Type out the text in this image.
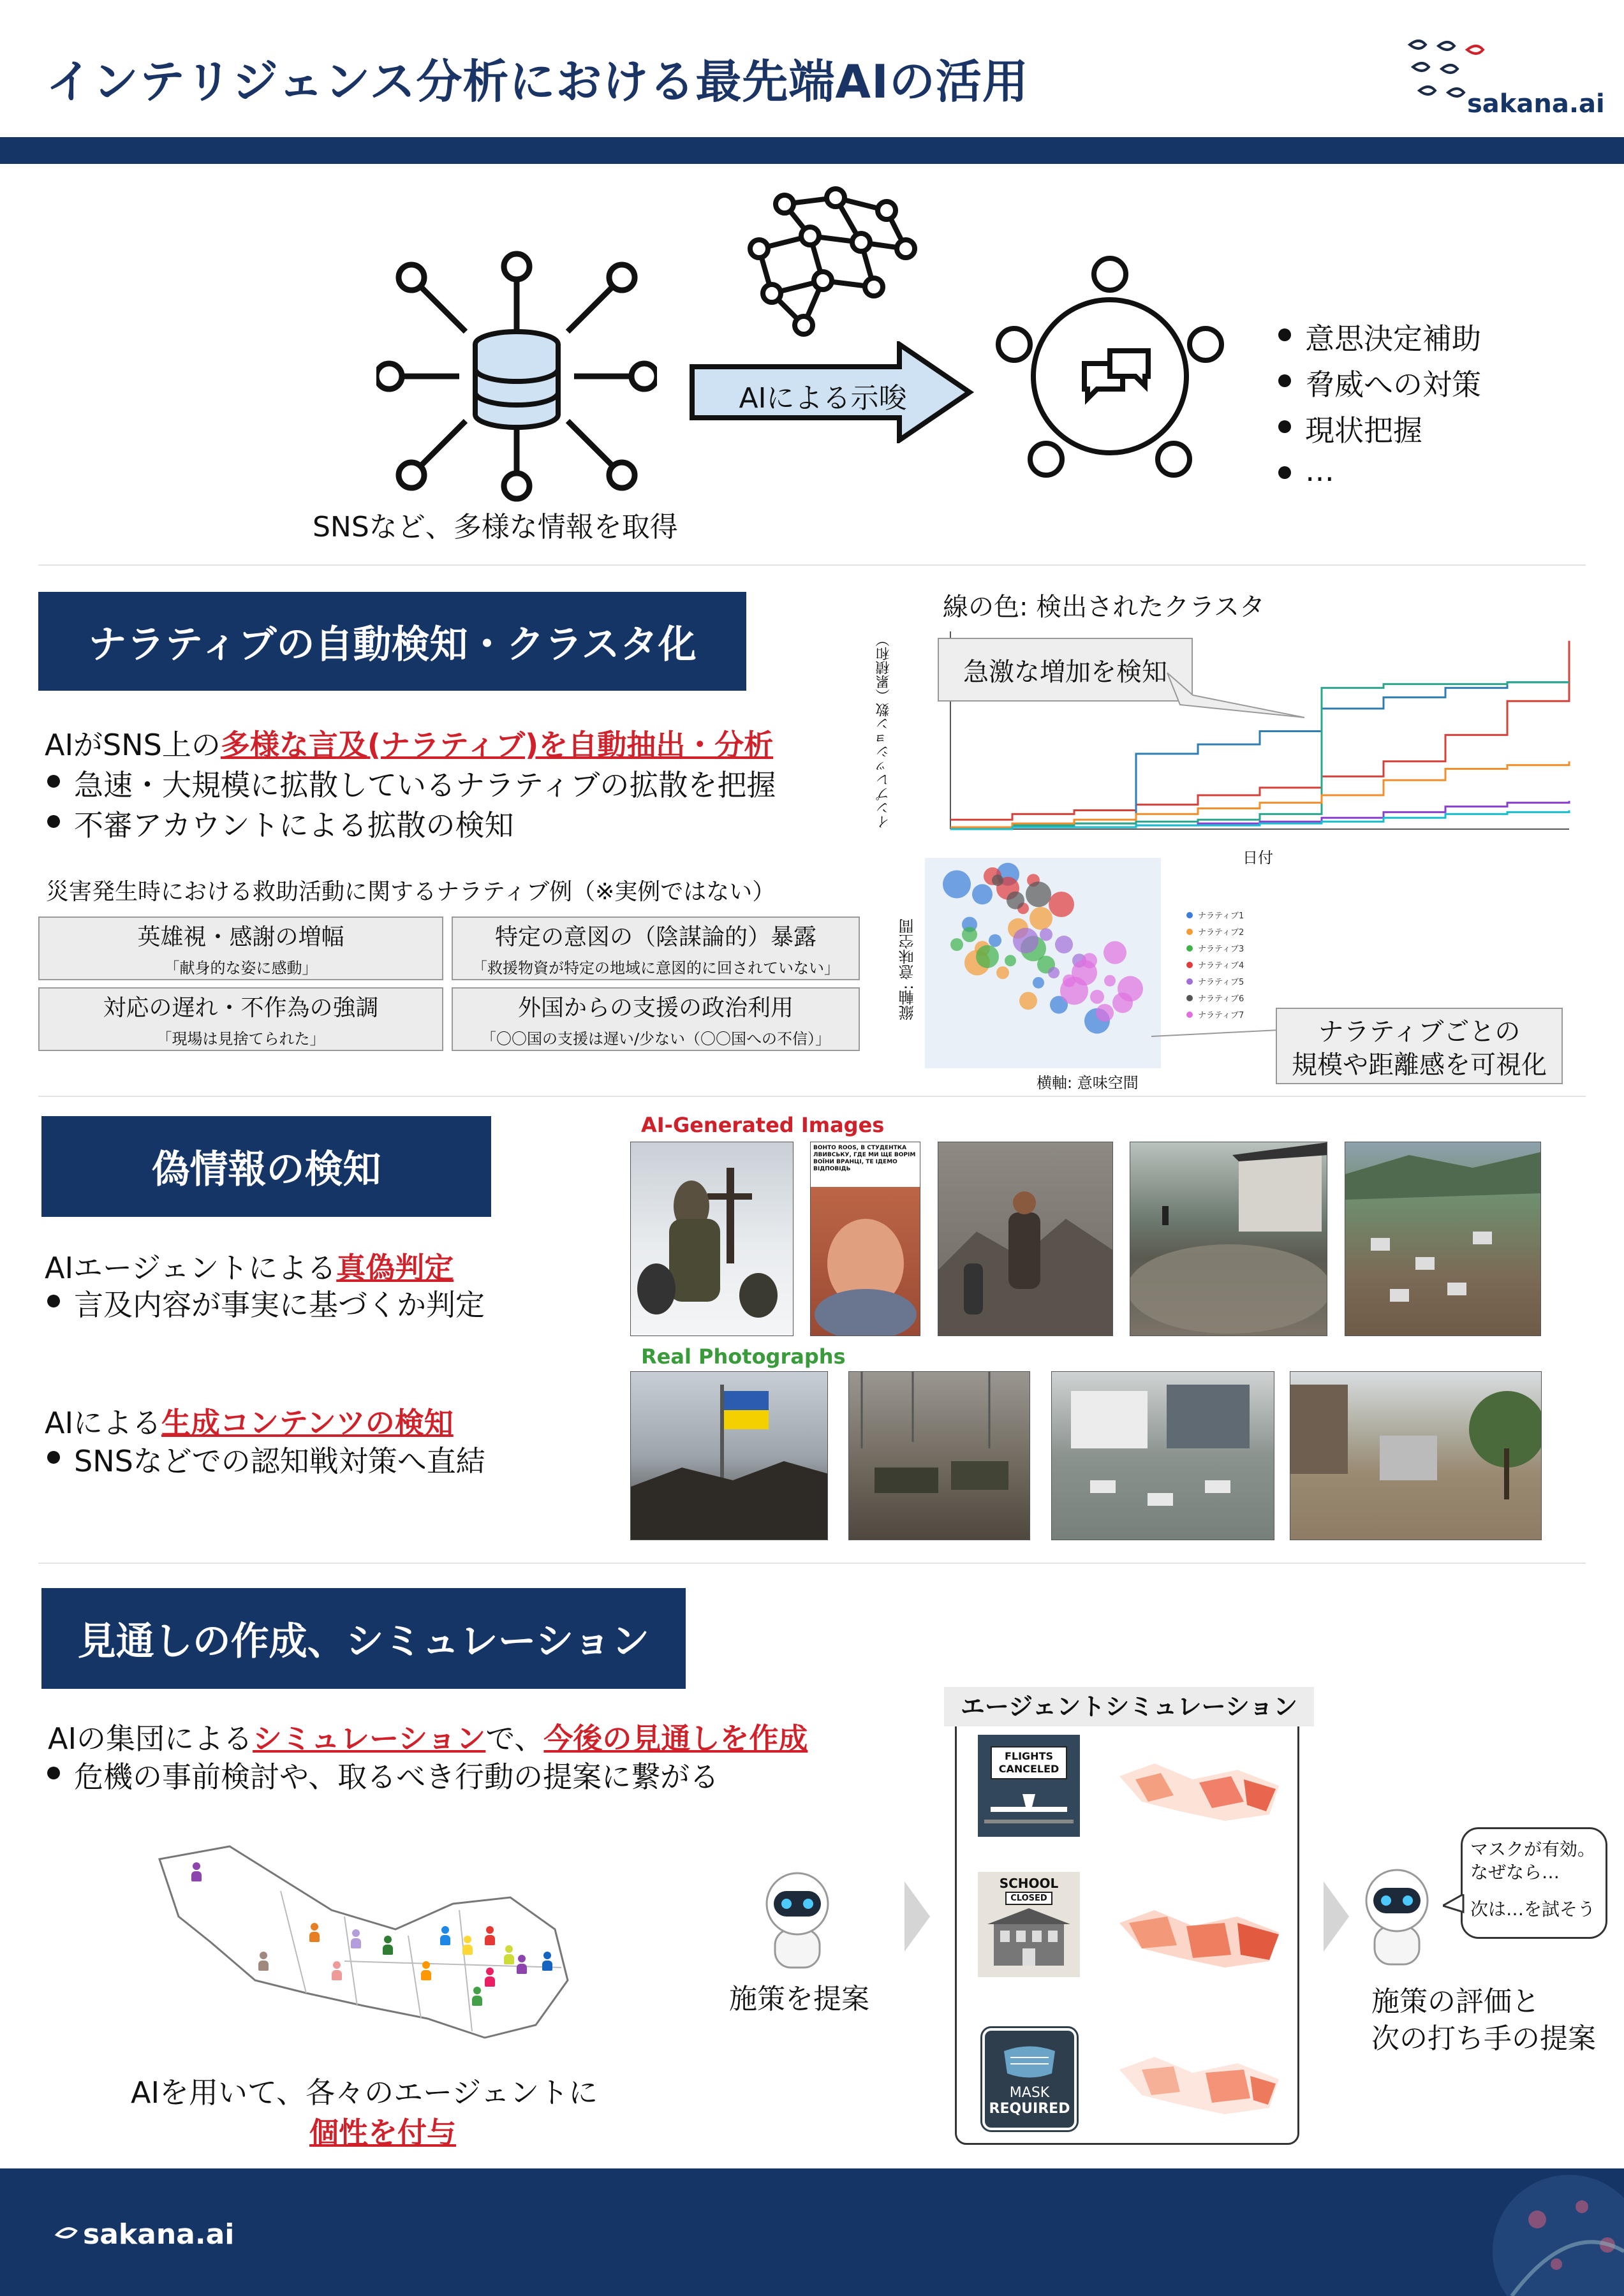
インテリジェンス分析における最先端AIの活用	sakana.ai
SNSなど、多様な情報を取得
AIによる示唆
意思決定補助
脅威への対策
現状把握
…
ナラティブの自動検知・クラスタ化
AIがSNS上の多様な言及(ナラティブ)を自動抽出・分析
急速・大規模に拡散しているナラティブの拡散を把握
不審アカウントによる拡散の検知
災害発生時における救助活動に関するナラティブ例（※実例ではない）
英雄視・感謝の増幅
「献身的な姿に感動」
特定の意図の（陰謀論的）暴露
「救援物資が特定の地域に意図的に回されていない」
対応の遅れ・不作為の強調
「現場は見捨てられた」
外国からの支援の政治利用
「〇〇国の支援は遅い/少ない（〇〇国への不信）」
線の色: 検出されたクラスタ
インプレッション数（累積和）
日付
急激な増加を検知
ナラティブ1
ナラティブ2
ナラティブ3
ナラティブ4
ナラティブ5
ナラティブ6
ナラティブ7
縦軸: 意味空間
横軸: 意味空間
ナラティブごとの
規模や距離感を可視化
偽情報の検知
AIエージェントによる真偽判定
言及内容が事実に基づくか判定
AIによる生成コンテンツの検知
SNSなどでの認知戦対策へ直結
AI-Generated Images
Real Photographs
ВОНТО ROOS, В СТУДЕНТКА ЛВИВСЬКУ, ГДЕ МИ ЩЕ ВОРІМ ВОЇНИ ВРАНЦІ, ТЕ ІДЕМО ВІДПОВІДЬ
見通しの作成、シミュレーション
AIの集団によるシミュレーションで、今後の見通しを作成
危機の事前検討や、取るべき行動の提案に繋がる
AIを用いて、各々のエージェントに
個性を付与
施策を提案
エージェントシミュレーション
FLIGHTS
CANCELED
SCHOOL
CLOSED
MASK
REQUIRED
マスクが有効。
なぜなら…
次は…を試そう
施策の評価と
次の打ち手の提案
sakana.ai
